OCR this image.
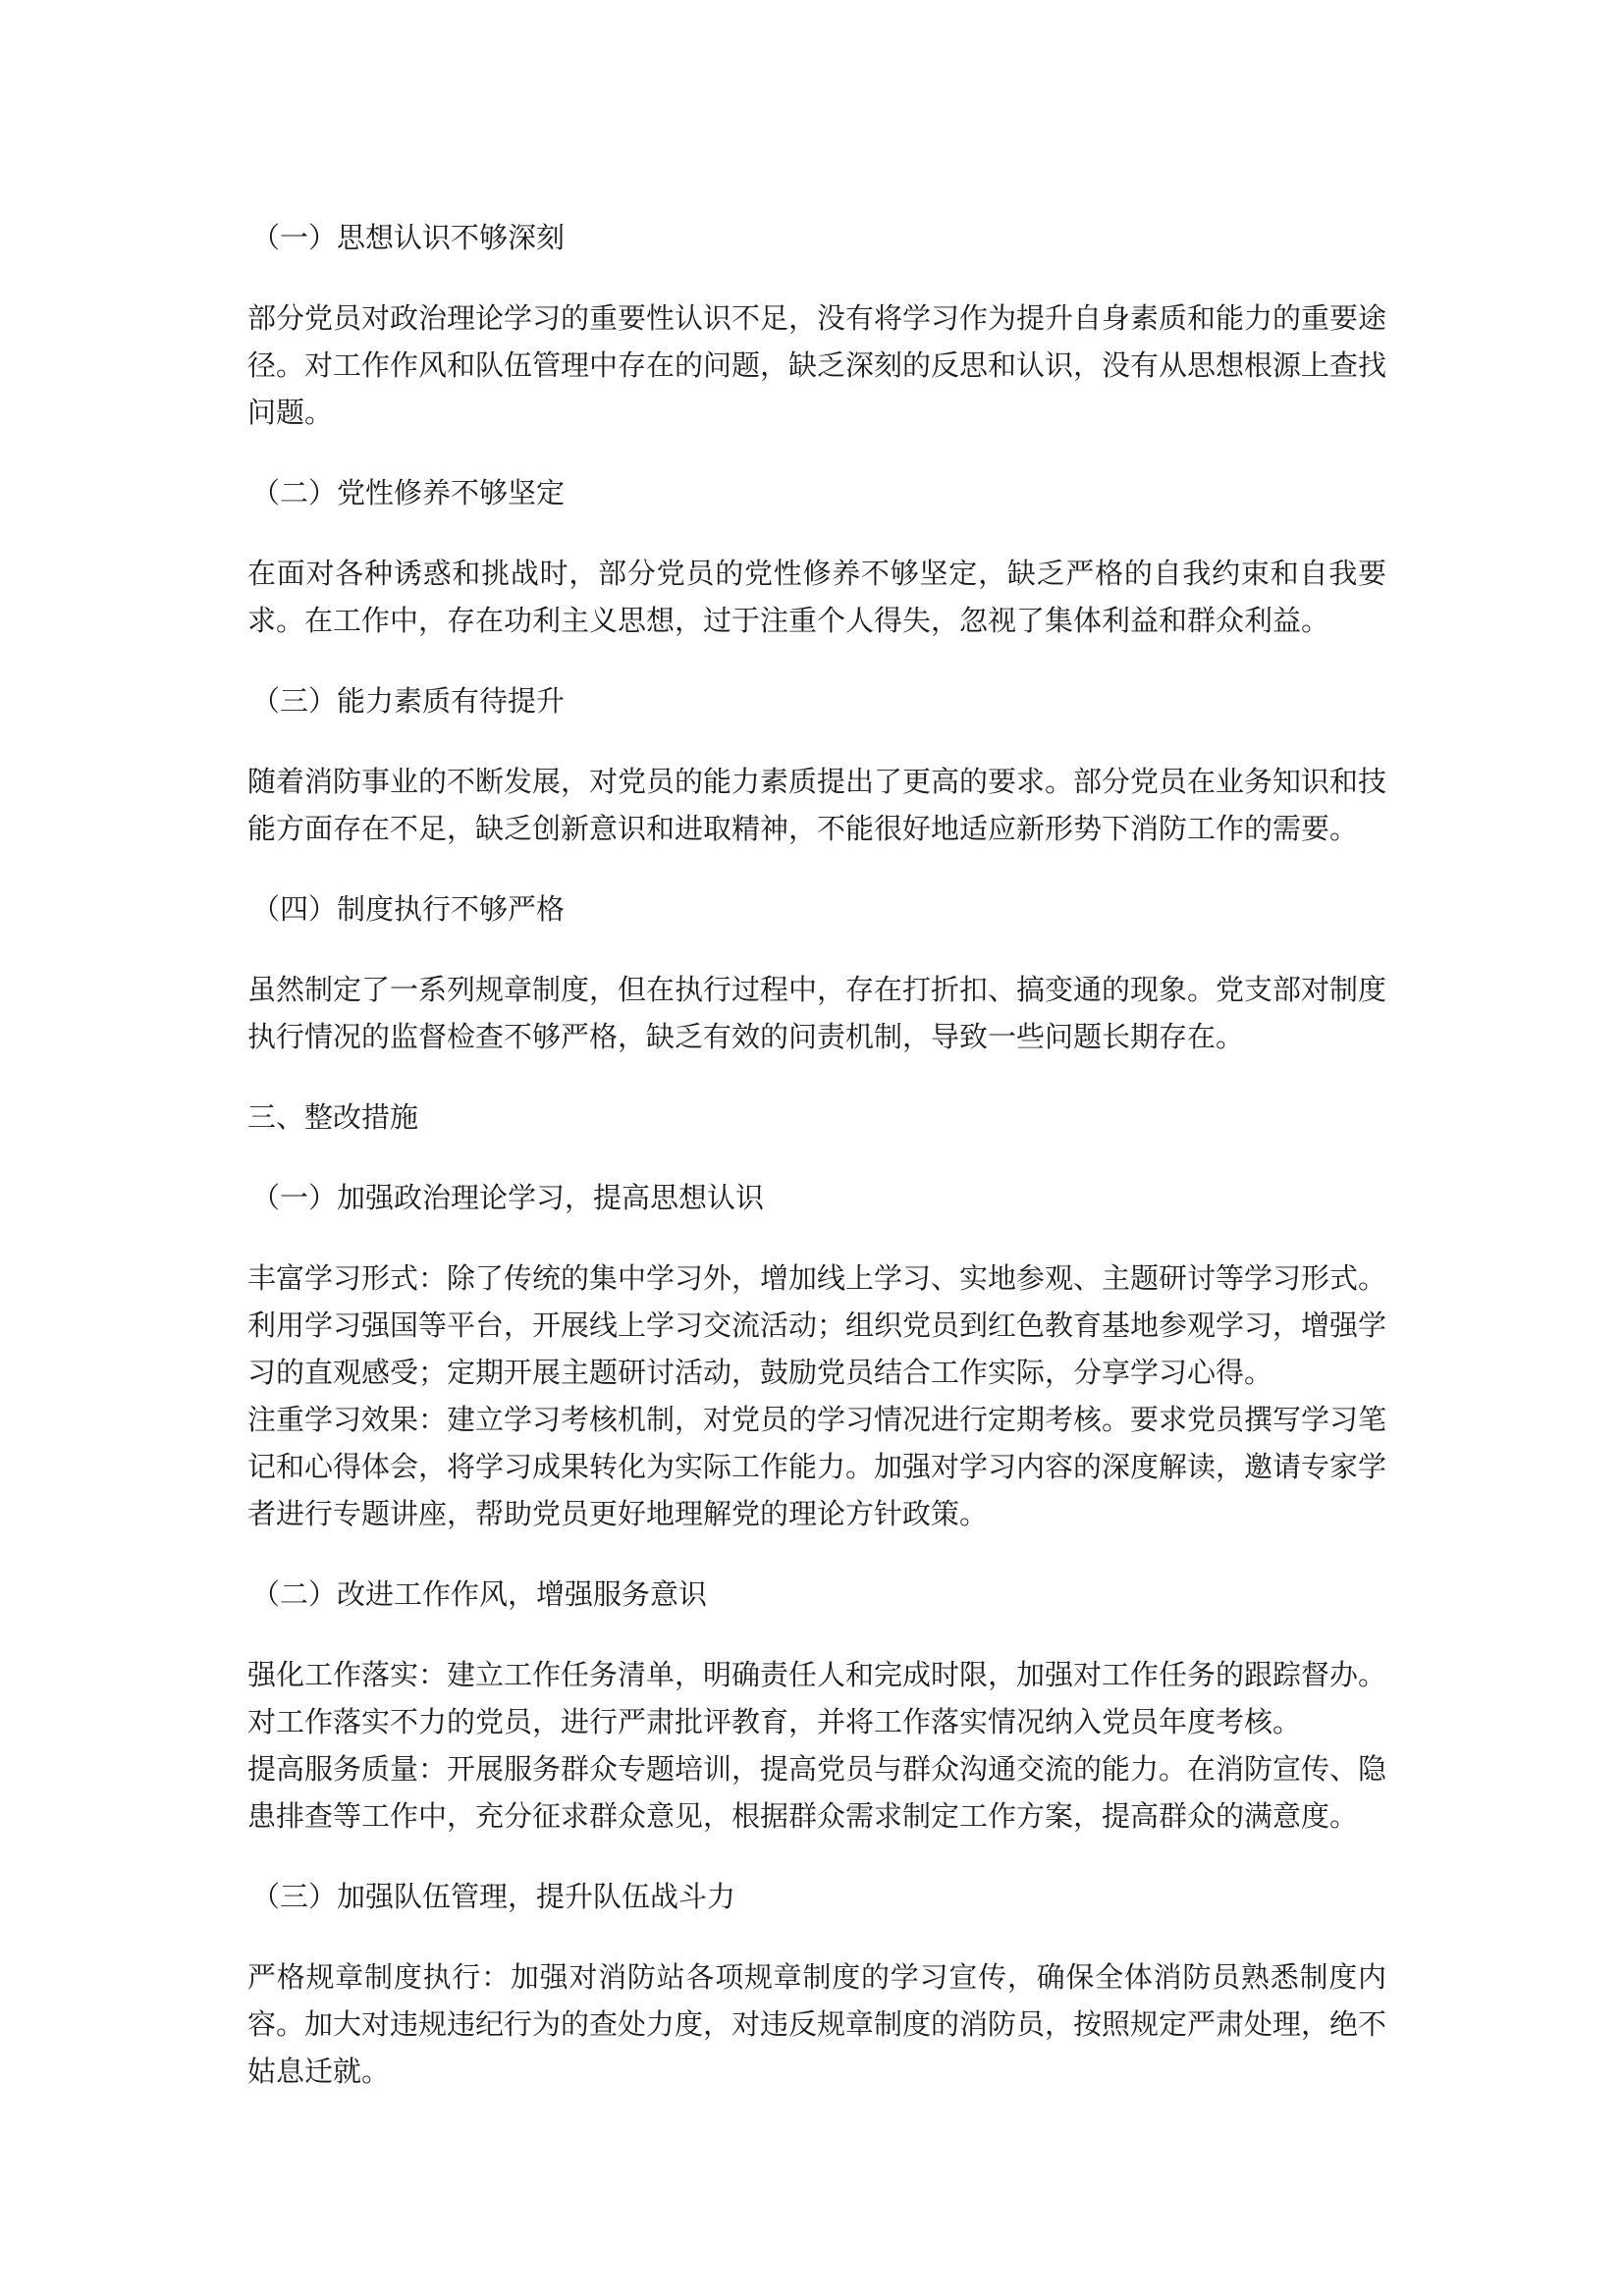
（一）思想认识不够深刻

部分党员对政治理论学习的重要性认识不足，没有将学习作为提升自身素质和能力的重要途径。对工作作风和队伍管理中存在的问题，缺乏深刻的反思和认识，没有从思想根源上查找问题。

（二）党性修养不够坚定

在面对各种诱惑和挑战时，部分党员的党性修养不够坚定，缺乏严格的自我约束和自我要求。在工作中，存在功利主义思想，过于注重个人得失，忽视了集体利益和群众利益。

（三）能力素质有待提升

随着消防事业的不断发展，对党员的能力素质提出了更高的要求。部分党员在业务知识和技能方面存在不足，缺乏创新意识和进取精神，不能很好地适应新形势下消防工作的需要。

（四）制度执行不够严格

虽然制定了一系列规章制度，但在执行过程中，存在打折扣、搞变通的现象。党支部对制度执行情况的监督检查不够严格，缺乏有效的问责机制，导致一些问题长期存在。

三、整改措施

（一）加强政治理论学习，提高思想认识

丰富学习形式：除了传统的集中学习外，增加线上学习、实地参观、主题研讨等学习形式。利用学习强国等平台，开展线上学习交流活动；组织党员到红色教育基地参观学习，增强学习的直观感受；定期开展主题研讨活动，鼓励党员结合工作实际，分享学习心得。

注重学习效果：建立学习考核机制，对党员的学习情况进行定期考核。要求党员撰写学习笔记和心得体会，将学习成果转化为实际工作能力。加强对学习内容的深度解读，邀请专家学者进行专题讲座，帮助党员更好地理解党的理论方针政策。

（二）改进工作作风，增强服务意识

强化工作落实：建立工作任务清单，明确责任人和完成时限，加强对工作任务的跟踪督办。对工作落实不力的党员，进行严肃批评教育，并将工作落实情况纳入党员年度考核。

提高服务质量：开展服务群众专题培训，提高党员与群众沟通交流的能力。在消防宣传、隐患排查等工作中，充分征求群众意见，根据群众需求制定工作方案，提高群众的满意度。

（三）加强队伍管理，提升队伍战斗力

严格规章制度执行：加强对消防站各项规章制度的学习宣传，确保全体消防员熟悉制度内容。加大对违规违纪行为的查处力度，对违反规章制度的消防员，按照规定严肃处理，绝不姑息迁就。
